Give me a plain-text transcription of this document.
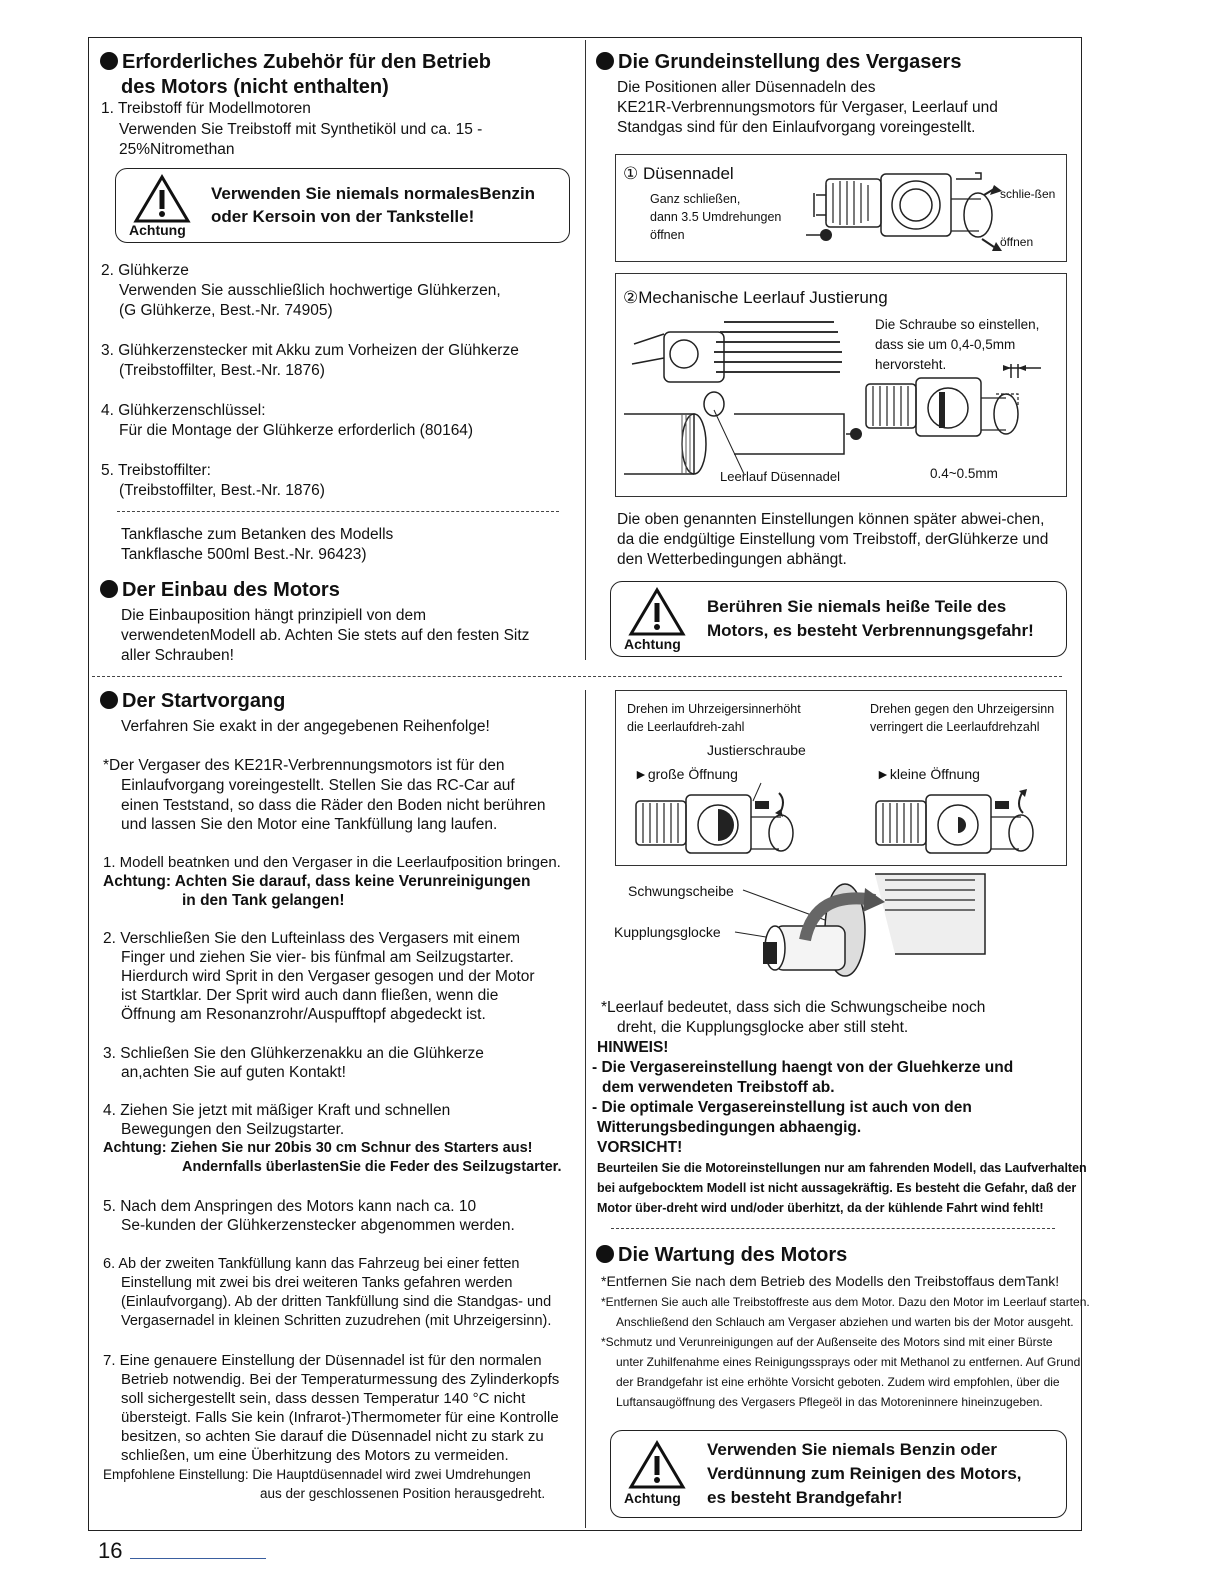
Erforderliches Zubehör für den Betrieb
des Motors (nicht enthalten)
1. Treibstoff für Modellmotoren
Verwenden Sie Treibstoff mit Synthetiköl und ca. 15 -
25%Nitromethan
Achtung
Verwenden Sie niemals normalesBenzin
oder Kersoin von der Tankstelle!
2. Glühkerze
Verwenden Sie ausschließlich hochwertige Glühkerzen,
(G Glühkerze, Best.-Nr. 74905)
3. Glühkerzenstecker mit Akku zum Vorheizen der Glühkerze
(Treibstoffilter, Best.-Nr. 1876)
4. Glühkerzenschlüssel:
Für die Montage der Glühkerze erforderlich (80164)
5. Treibstoffilter:
(Treibstoffilter, Best.-Nr. 1876)
Tankflasche zum Betanken des Modells
Tankflasche 500ml Best.-Nr. 96423)
Der Einbau des Motors
Die Einbauposition hängt prinzipiell von dem
verwendetenModell ab. Achten Sie stets auf den festen Sitz
aller Schrauben!
Der Startvorgang
Verfahren Sie exakt in der angegebenen Reihenfolge!
*Der Vergaser des KE21R-Verbrennungsmotors ist für den
Einlaufvorgang voreingestellt. Stellen Sie das RC-Car auf
einen Teststand, so dass die Räder den Boden nicht berühren
und lassen Sie den Motor eine Tankfüllung lang laufen.
1. Modell beatnken und den Vergaser in die Leerlaufposition bringen.
Achtung: Achten Sie darauf, dass keine Verunreinigungen
in den Tank gelangen!
2. Verschließen Sie den Lufteinlass des Vergasers mit einem
Finger und ziehen Sie vier- bis fünfmal am Seilzugstarter.
Hierdurch wird Sprit in den Vergaser gesogen und der Motor
ist Startklar. Der Sprit wird auch dann fließen, wenn die
Öffnung am Resonanzrohr/Auspufftopf abgedeckt ist.
3. Schließen Sie den Glühkerzenakku an die Glühkerze
an,achten Sie auf guten Kontakt!
4. Ziehen Sie jetzt mit mäßiger Kraft und schnellen
Bewegungen den Seilzugstarter.
Achtung: Ziehen Sie nur 20bis 30 cm Schnur des Starters aus!
Andernfalls überlastenSie die Feder des Seilzugstarter.
5. Nach dem Anspringen des Motors kann nach ca. 10
Se-kunden der Glühkerzenstecker abgenommen werden.
6. Ab der zweiten Tankfüllung kann das Fahrzeug bei einer fetten
Einstellung mit zwei bis drei weiteren Tanks gefahren werden
(Einlaufvorgang). Ab der dritten Tankfüllung sind die Standgas- und
Vergasernadel in kleinen Schritten zuzudrehen (mit Uhrzeigersinn).
7. Eine genauere Einstellung der Düsennadel ist für den normalen
Betrieb notwendig. Bei der Temperaturmessung des Zylinderkopfs
soll sichergestellt sein, dass dessen Temperatur 140 °C nicht
übersteigt. Falls Sie kein (Infrarot-)Thermometer für eine Kontrolle
besitzen, so achten Sie darauf die Düsennadel nicht zu stark zu
schließen, um eine Überhitzung des Motors zu vermeiden.
Empfohlene Einstellung: Die Hauptdüsennadel wird zwei Umdrehungen
aus der geschlossenen Position herausgedreht.
Die Grundeinstellung des Vergasers
Die Positionen aller Düsennadeln des
KE21R-Verbrennungsmotors für Vergaser, Leerlauf und
Standgas sind für den Einlaufvorgang voreingestellt.
① Düsennadel
Ganz schließen,
dann 3.5 Umdrehungen
öffnen
schlie-ßen
öffnen
②Mechanische Leerlauf Justierung
Leerlauf Düsennadel
Die Schraube so einstellen,
dass sie um 0,4-0,5mm
hervorsteht.
0.4~0.5mm
Die oben genannten Einstellungen können später abwei-chen,
da die endgültige Einstellung vom Treibstoff, derGlühkerze und
den Wetterbedingungen abhängt.
Achtung
Berühren Sie niemals heiße Teile des
Motors, es besteht Verbrennungsgefahr!
Drehen im Uhrzeigersinnerhöht
die Leerlaufdreh-zahl
Drehen gegen den Uhrzeigersinn
verringert die Leerlaufdrehzahl
Justierschraube
►große Öffnung	►kleine Öffnung
Schwungscheibe
Kupplungsglocke
*Leerlauf bedeutet, dass sich die Schwungscheibe noch
dreht, die Kupplungsglocke aber still steht.
HINWEIS!
- Die Vergasereinstellung haengt von der Gluehkerze und
dem verwendeten Treibstoff ab.
- Die optimale Vergasereinstellung ist auch von den
Witterungsbedingungen abhaengig.
VORSICHT!
Beurteilen Sie die Motoreinstellungen nur am fahrenden Modell, das Laufverhalten
bei aufgebocktem Modell ist nicht aussagekräftig. Es besteht die Gefahr, daß der
Motor über-dreht wird und/oder überhitzt, da der kühlende Fahrt wind fehlt!
Die Wartung des Motors
*Entfernen Sie nach dem Betrieb des Modells den Treibstoffaus demTank!
*Entfernen Sie auch alle Treibstoffreste aus dem Motor. Dazu den Motor im Leerlauf starten.
Anschließend den Schlauch am Vergaser abziehen und warten bis der Motor ausgeht.
*Schmutz und Verunreinigungen auf der Außenseite des Motors sind mit einer Bürste
unter Zuhilfenahme eines Reinigungssprays oder mit Methanol zu entfernen. Auf Grund
der Brandgefahr ist eine erhöhte Vorsicht geboten. Zudem wird empfohlen, über die
Luftansaugöffnung des Vergasers Pflegeöl in das Motoreninnere hineinzugeben.
Achtung
Verwenden Sie niemals Benzin oder
Verdünnung zum Reinigen des Motors,
es besteht Brandgefahr!
16
